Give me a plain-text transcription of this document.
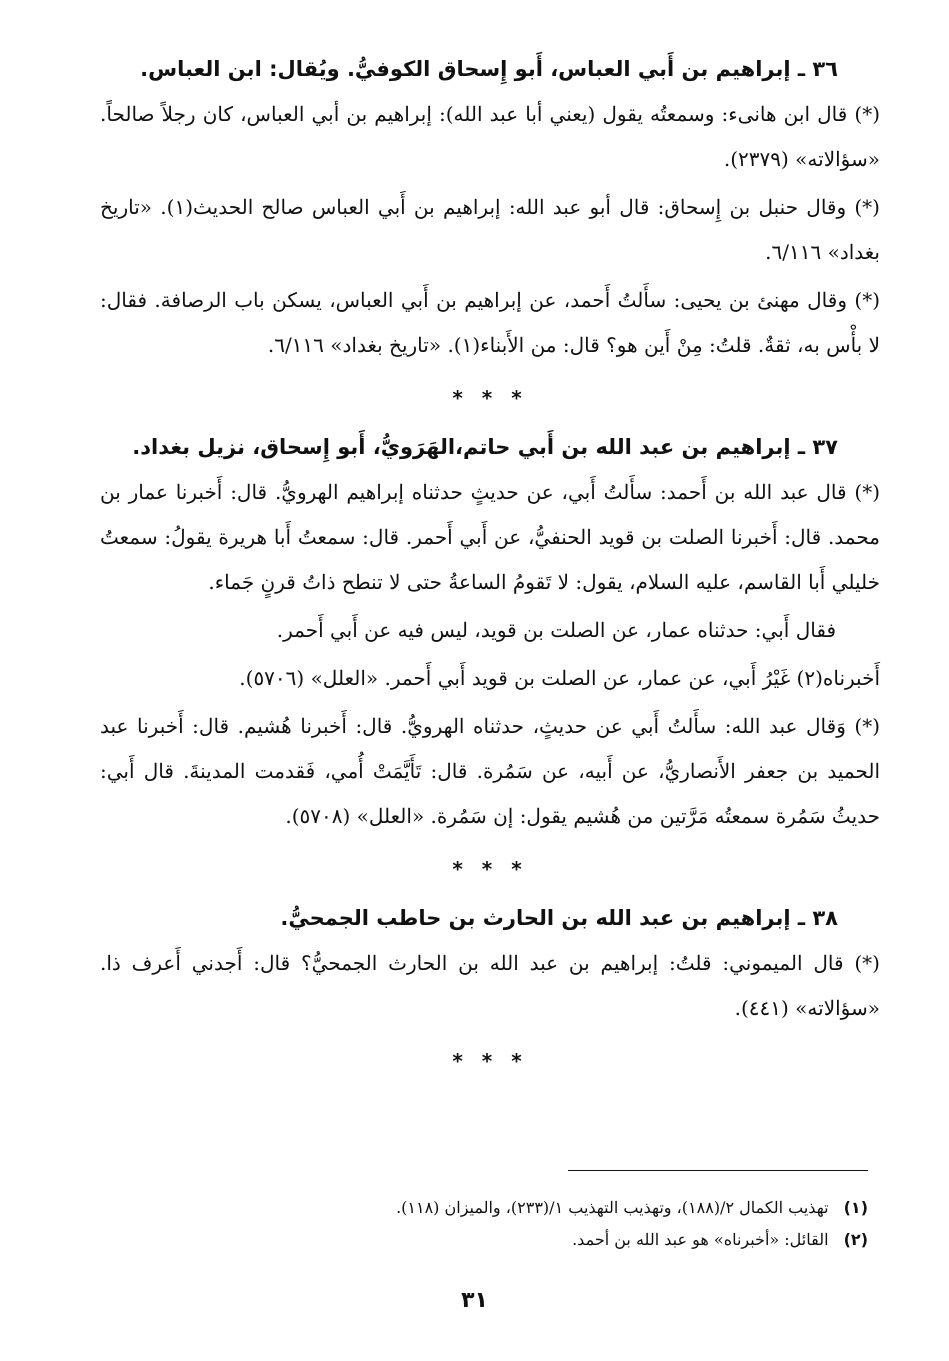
٣٦ ـ إبراهيم بن أَبي العباس، أَبو إِسحاق الكوفيُّ. ويُقال: ابن العباس.

(*) قال ابن هانىء: وسمعتُه يقول (يعني أبا عبد الله): إبراهيم بن أبي العباس، كان رجلاً صالحاً. «سؤالاته» (٢٣٧٩).

(*) وقال حنبل بن إِسحاق: قال أبو عبد الله: إبراهيم بن أَبي العباس صالح الحديث(١). «تاريخ بغداد» ٦/١١٦.

(*) وقال مهنئ بن يحيى: سأَلتُ أَحمد، عن إبراهيم بن أَبي العباس، يسكن باب الرصافة. فقال: لا بأْس به، ثقةٌ. قلتُ: مِنْ أَين هو؟ قال: من الأَبناء(١). «تاريخ بغداد» ٦/١١٦.

* * *
٣٧ ـ إبراهيم بن عبد الله بن أَبي حاتم،الهَرَويُّ، أَبو إِسحاق، نزيل بغداد.

(*) قال عبد الله بن أَحمد: سأَلتُ أَبي، عن حديثٍ حدثناه إبراهيم الهرويُّ. قال: أَخبرنا عمار بن محمد. قال: أَخبرنا الصلت بن قويد الحنفيُّ، عن أَبي أَحمر. قال: سمعتُ أَبا هريرة يقولُ: سمعتُ خليلي أَبا القاسم، عليه السلام، يقول: لا تَقومُ الساعةُ حتى لا تنطح ذاتُ قرنٍ جَماء.

فقال أَبي: حدثناه عمار، عن الصلت بن قويد، ليس فيه عن أَبي أَحمر.

أَخبرناه(٢) غَيْرُ أَبي، عن عمار، عن الصلت بن قويد أَبي أَحمر. «العلل» (٥٧٠٦).

(*) وَقال عبد الله: سأَلتُ أَبي عن حديثٍ، حدثناه الهرويُّ. قال: أَخبرنا هُشيم. قال: أَخبرنا عبد الحميد بن جعفر الأَنصاريُّ، عن أَبيه، عن سَمُرة. قال: تَأَيَّمَتْ أُمي، فَقدمت المدينةَ. قال أَبي: حديثُ سَمُرة سمعتُه مَرَّتين من هُشيم يقول: إن سَمُرة. «العلل» (٥٧٠٨).

* * *
٣٨ ـ إبراهيم بن عبد الله بن الحارث بن حاطب الجمحيُّ.

(*) قال الميموني: قلتُ: إبراهيم بن عبد الله بن الحارث الجمحيُّ؟ قال: أَجدني أَعرف ذا. «سؤالاته» (٤٤١).

* * *
(١) تهذيب الكمال ٢/(١٨٨)، وتهذيب التهذيب ١/(٢٣٣)، والميزان (١١٨).
(٢) القائل: «أخبرناه» هو عبد الله بن أحمد.
٣١
